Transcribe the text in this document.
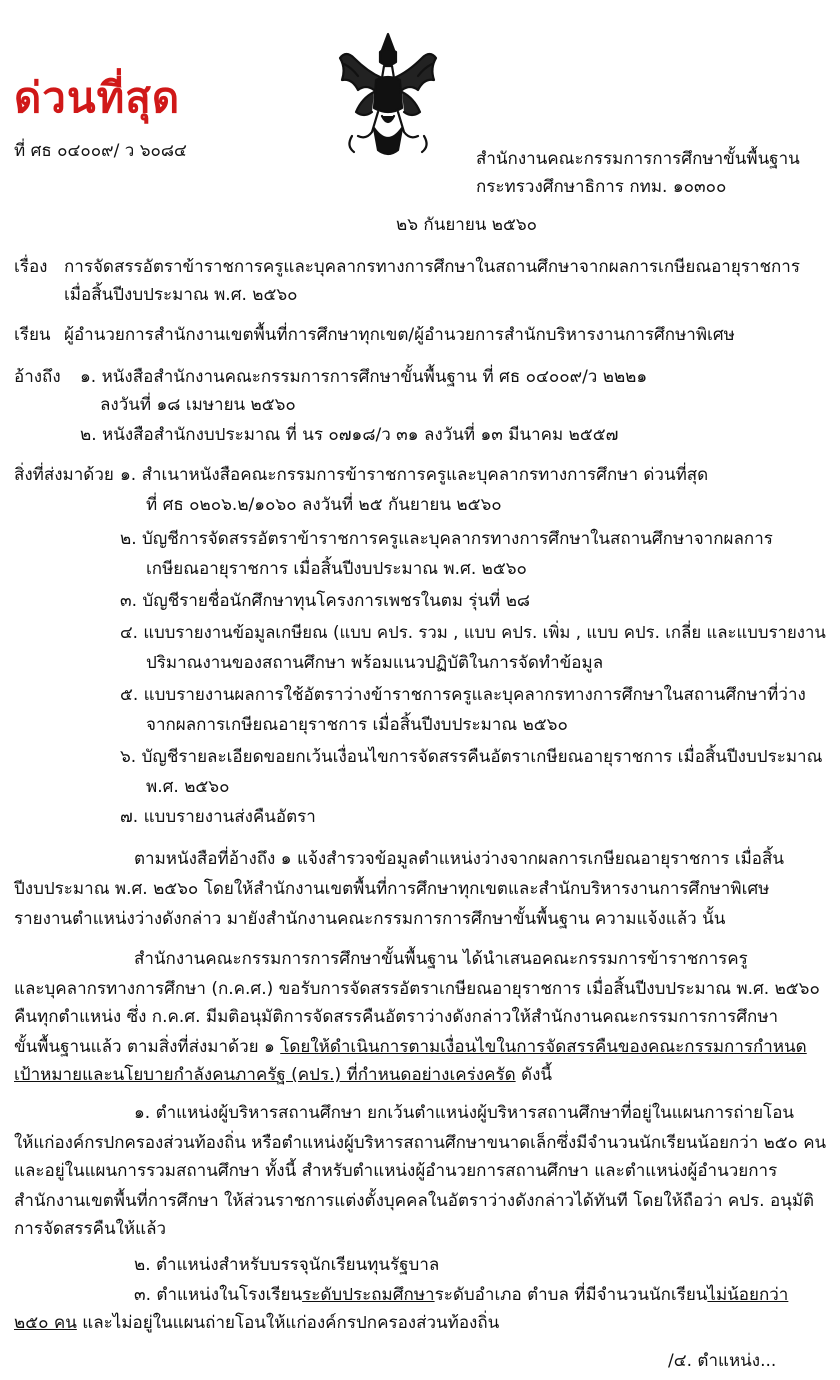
ด่วนที่สุด
ที่ ศธ ๐๔๐๐๙/ ว ๖๐๘๔	สำนักงานคณะกรรมการการศึกษาขั้นพื้นฐาน
กระทรวงศึกษาธิการ กทม. ๑๐๓๐๐
๒๖ กันยายน ๒๕๖๐
เรื่อง การจัดสรรอัตราข้าราชการครูและบุคลากรทางการศึกษาในสถานศึกษาจากผลการเกษียณอายุราชการ
เมื่อสิ้นปีงบประมาณ พ.ศ. ๒๕๖๐
เรียน ผู้อำนวยการสำนักงานเขตพื้นที่การศึกษาทุกเขต/ผู้อำนวยการสำนักบริหารงานการศึกษาพิเศษ
อ้างถึง ๑. หนังสือสำนักงานคณะกรรมการการศึกษาขั้นพื้นฐาน ที่ ศธ ๐๔๐๐๙/ว ๒๒๒๑
ลงวันที่ ๑๘ เมษายน ๒๕๖๐
๒. หนังสือสำนักงบประมาณ ที่ นร ๐๗๑๘/ว ๓๑ ลงวันที่ ๑๓ มีนาคม ๒๕๕๗
สิ่งที่ส่งมาด้วย ๑. สำเนาหนังสือคณะกรรมการข้าราชการครูและบุคลากรทางการศึกษา ด่วนที่สุด
ที่ ศธ ๐๒๐๖.๒/๑๐๖๐ ลงวันที่ ๒๕ กันยายน ๒๕๖๐
๒. บัญชีการจัดสรรอัตราข้าราชการครูและบุคลากรทางการศึกษาในสถานศึกษาจากผลการ
เกษียณอายุราชการ เมื่อสิ้นปีงบประมาณ พ.ศ. ๒๕๖๐
๓. บัญชีรายชื่อนักศึกษาทุนโครงการเพชรในตม รุ่นที่ ๒๘
๔. แบบรายงานข้อมูลเกษียณ (แบบ คปร. รวม , แบบ คปร. เพิ่ม , แบบ คปร. เกลี่ย และแบบรายงาน
ปริมาณงานของสถานศึกษา พร้อมแนวปฏิบัติในการจัดทำข้อมูล
๕. แบบรายงานผลการใช้อัตราว่างข้าราชการครูและบุคลากรทางการศึกษาในสถานศึกษาที่ว่าง
จากผลการเกษียณอายุราชการ เมื่อสิ้นปีงบประมาณ ๒๕๖๐
๖. บัญชีรายละเอียดขอยกเว้นเงื่อนไขการจัดสรรคืนอัตราเกษียณอายุราชการ เมื่อสิ้นปีงบประมาณ
พ.ศ. ๒๕๖๐
๗. แบบรายงานส่งคืนอัตรา
ตามหนังสือที่อ้างถึง ๑ แจ้งสำรวจข้อมูลตำแหน่งว่างจากผลการเกษียณอายุราชการ เมื่อสิ้น
ปีงบประมาณ พ.ศ. ๒๕๖๐ โดยให้สำนักงานเขตพื้นที่การศึกษาทุกเขตและสำนักบริหารงานการศึกษาพิเศษ
รายงานตำแหน่งว่างดังกล่าว มายังสำนักงานคณะกรรมการการศึกษาขั้นพื้นฐาน ความแจ้งแล้ว นั้น
สำนักงานคณะกรรมการการศึกษาขั้นพื้นฐาน ได้นำเสนอคณะกรรมการข้าราชการครู
และบุคลากรทางการศึกษา (ก.ค.ศ.) ขอรับการจัดสรรอัตราเกษียณอายุราชการ เมื่อสิ้นปีงบประมาณ พ.ศ. ๒๕๖๐
คืนทุกตำแหน่ง ซึ่ง ก.ค.ศ. มีมติอนุมัติการจัดสรรคืนอัตราว่างดังกล่าวให้สำนักงานคณะกรรมการการศึกษา
ขั้นพื้นฐานแล้ว ตามสิ่งที่ส่งมาด้วย ๑ โดยให้ดำเนินการตามเงื่อนไขในการจัดสรรคืนของคณะกรรมการกำหนด
เป้าหมายและนโยบายกำลังคนภาครัฐ (คปร.) ที่กำหนดอย่างเคร่งครัด ดังนี้
๑. ตำแหน่งผู้บริหารสถานศึกษา ยกเว้นตำแหน่งผู้บริหารสถานศึกษาที่อยู่ในแผนการถ่ายโอน
ให้แก่องค์กรปกครองส่วนท้องถิ่น หรือตำแหน่งผู้บริหารสถานศึกษาขนาดเล็กซึ่งมีจำนวนนักเรียนน้อยกว่า ๒๕๐ คน
และอยู่ในแผนการรวมสถานศึกษา ทั้งนี้ สำหรับตำแหน่งผู้อำนวยการสถานศึกษา และตำแหน่งผู้อำนวยการ
สำนักงานเขตพื้นที่การศึกษา ให้ส่วนราชการแต่งตั้งบุคคลในอัตราว่างดังกล่าวได้ทันที โดยให้ถือว่า คปร. อนุมัติ
การจัดสรรคืนให้แล้ว
๒. ตำแหน่งสำหรับบรรจุนักเรียนทุนรัฐบาล
๓. ตำแหน่งในโรงเรียนระดับประถมศึกษาระดับอำเภอ ตำบล ที่มีจำนวนนักเรียนไม่น้อยกว่า
๒๕๐ คน และไม่อยู่ในแผนถ่ายโอนให้แก่องค์กรปกครองส่วนท้องถิ่น
/๔. ตำแหน่ง...
